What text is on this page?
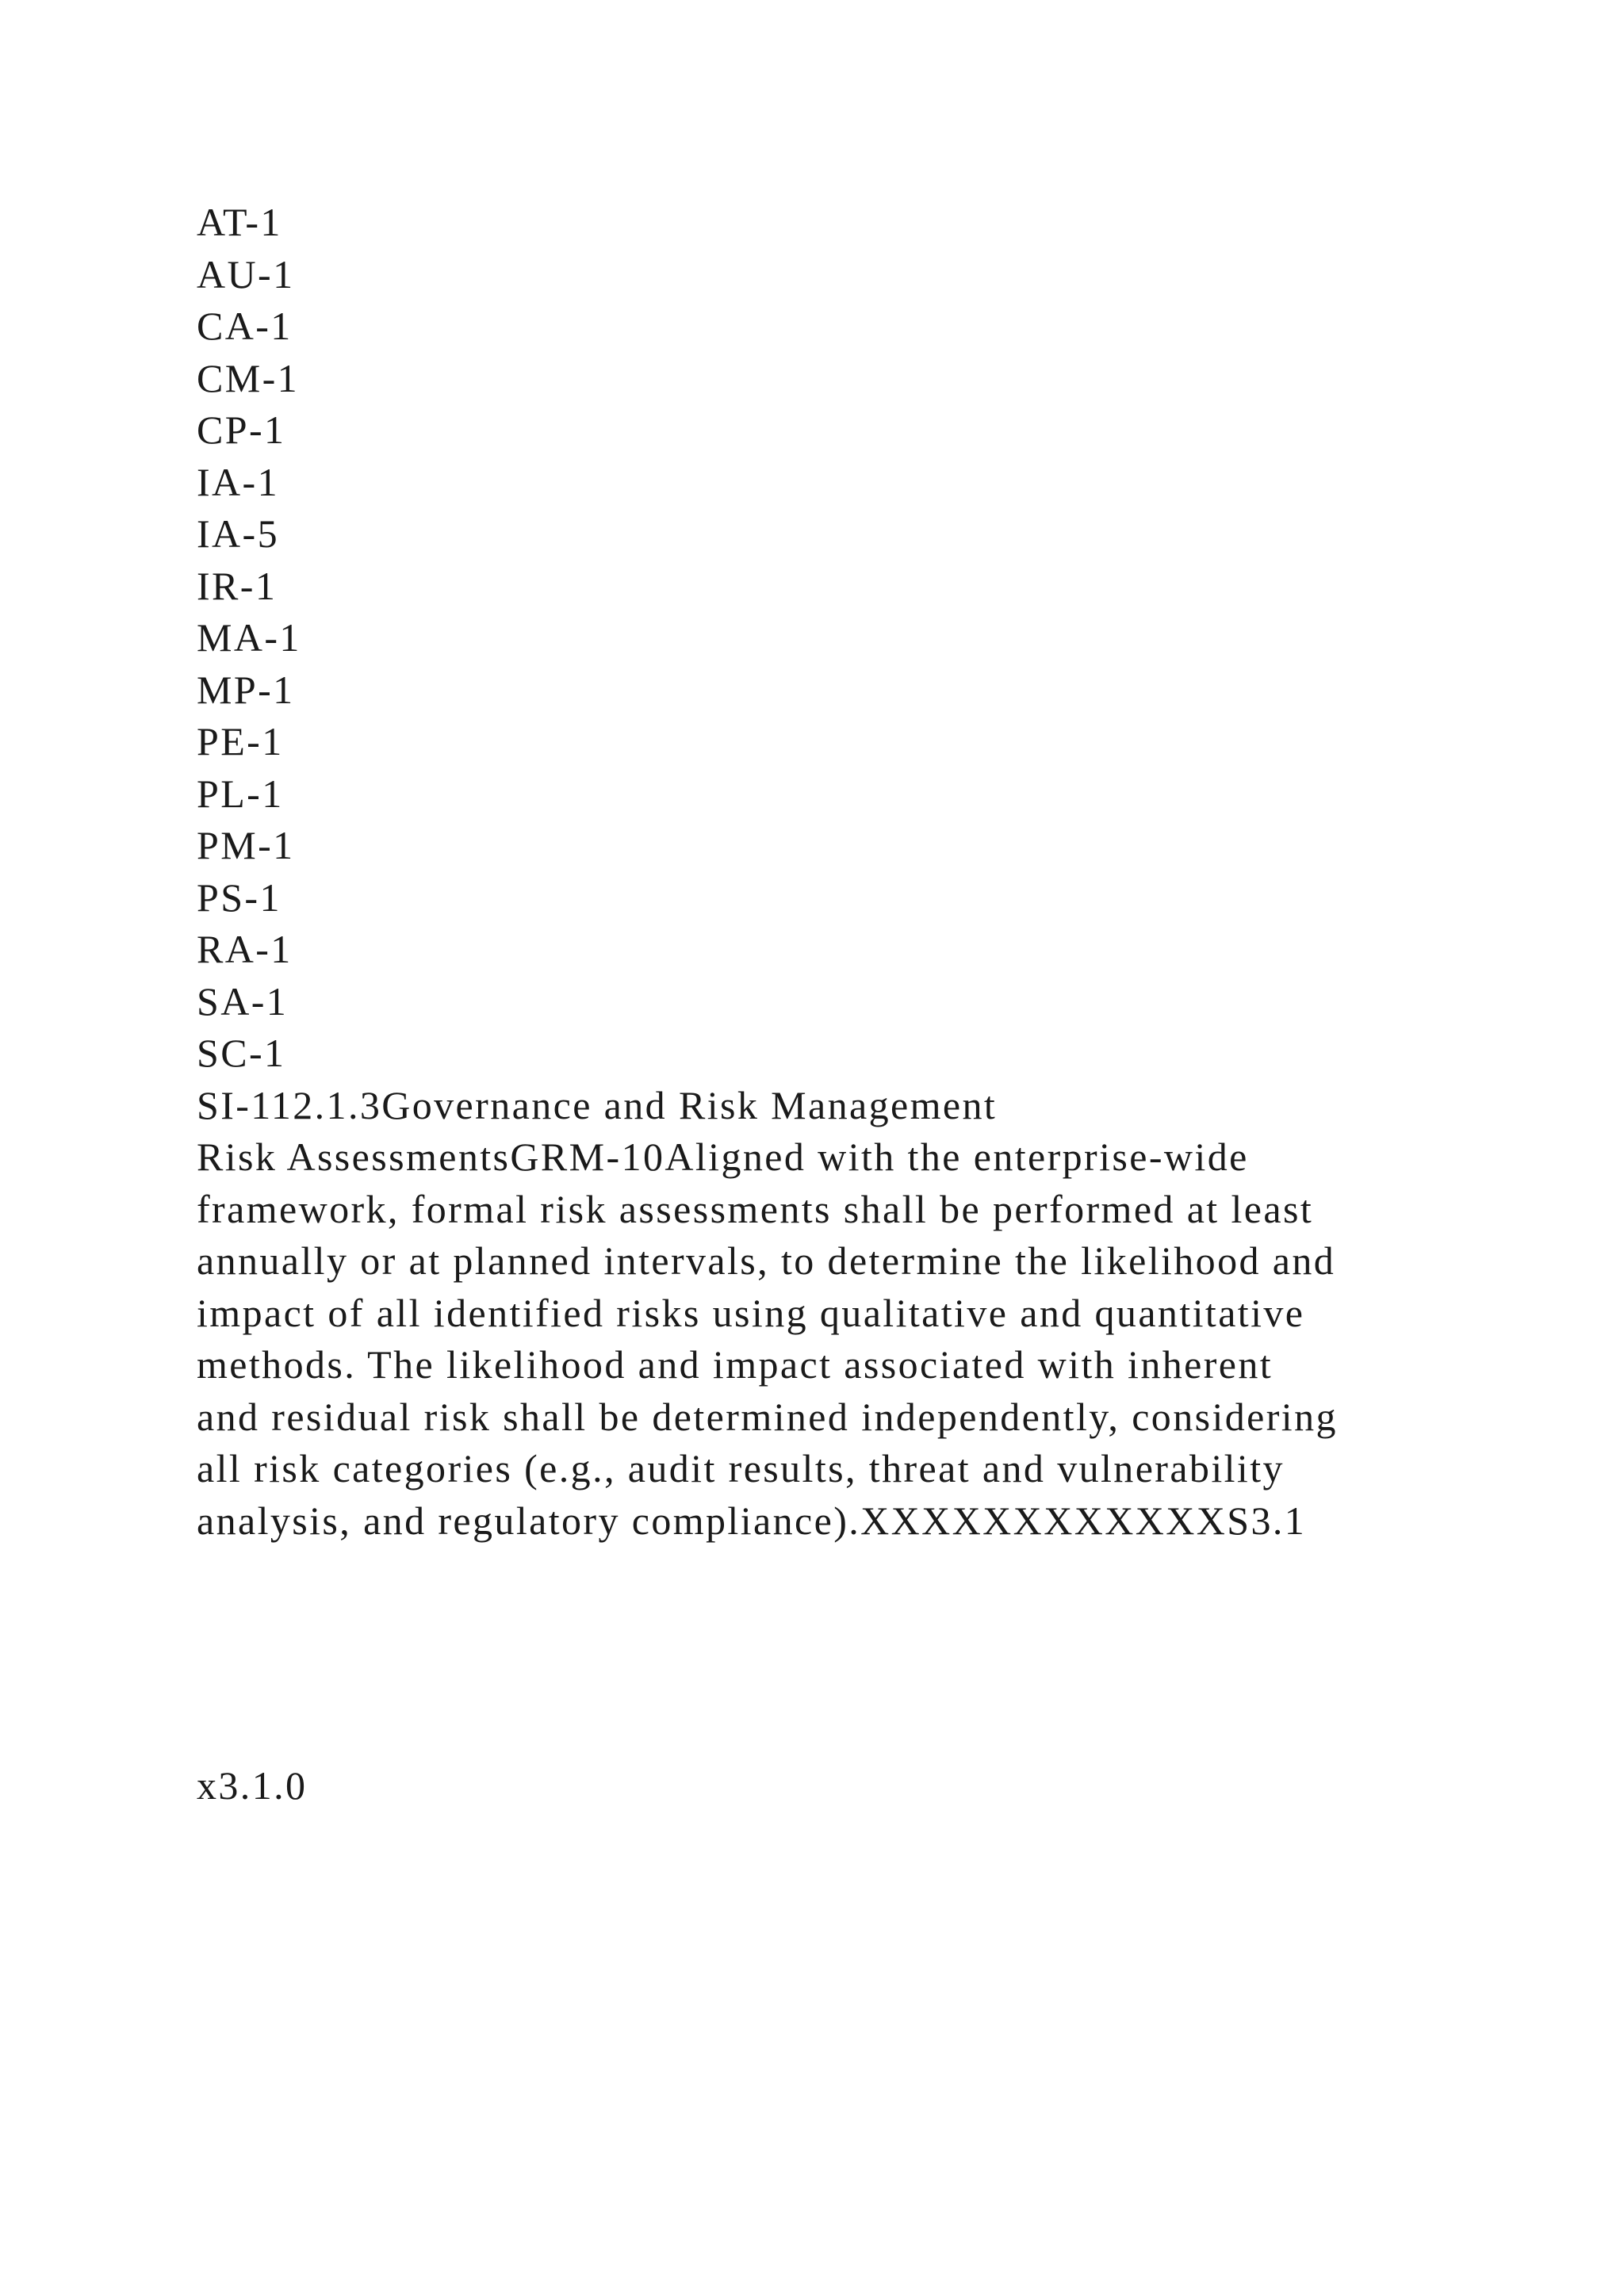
AT-1
AU-1
CA-1
CM-1
CP-1
IA-1
IA-5
IR-1
MA-1
MP-1
PE-1
PL-1
PM-1
PS-1
RA-1
SA-1
SC-1
SI-112.1.3Governance and Risk Management
Risk AssessmentsGRM-10Aligned with the enterprise-wide
framework, formal risk assessments shall be performed at least
annually or at planned intervals, to determine the likelihood and
impact of all identified risks using qualitative and quantitative
methods. The likelihood and impact associated with inherent
and residual risk shall be determined independently, considering
all risk categories (e.g., audit results, threat and vulnerability
analysis, and regulatory compliance).XXXXXXXXXXXXS3.1
x3.1.0
